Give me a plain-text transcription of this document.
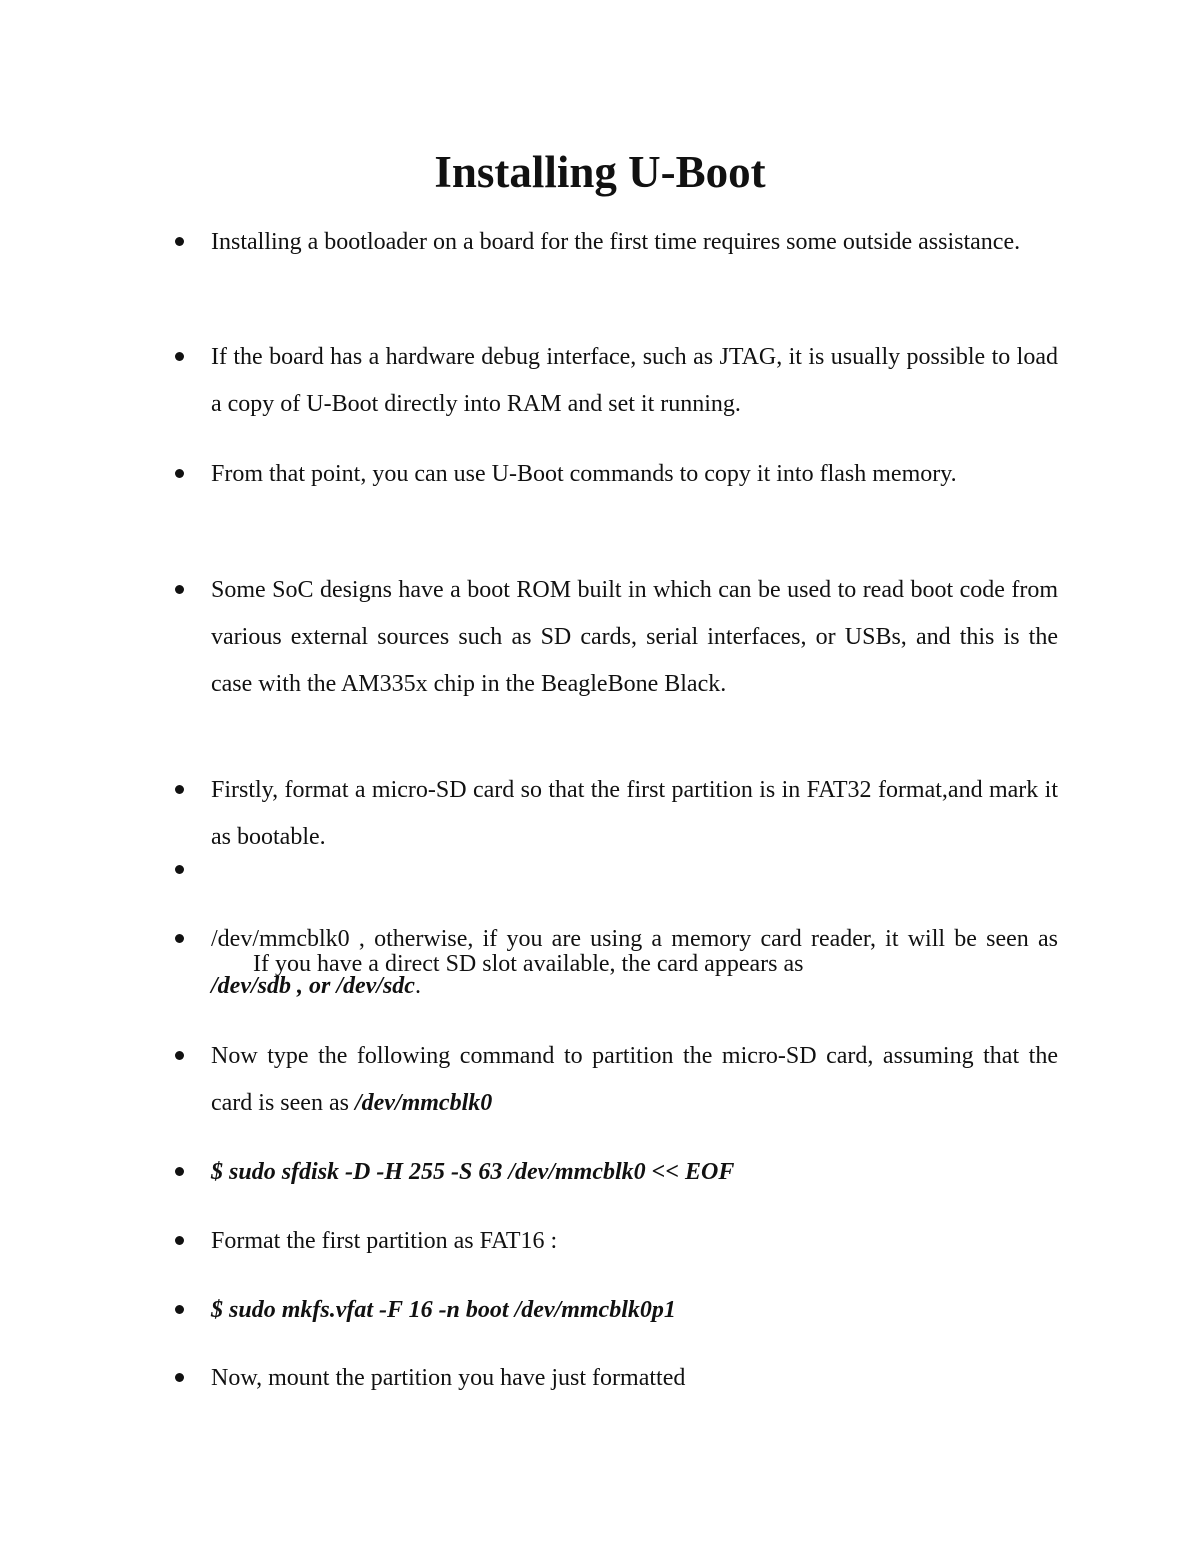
Installing U-Boot
Installing a bootloader on a board for the first time requires some outside assistance.
If the board has a hardware debug interface, such as JTAG, it is usually possible to load a copy of U-Boot directly into RAM and set it running.
From that point, you can use U-Boot commands to copy it into flash memory.
Some SoC designs have a boot ROM built in which can be used to read boot code from various external sources such as SD cards, serial interfaces, or USBs, and this is the case with the AM335x chip in the BeagleBone Black.
Firstly, format a micro-SD card so that the first partition is in FAT32 format,and mark it as bootable.

If you have a direct SD slot available, the card appears as

/dev/mmcblk0 , otherwise, if you are using a memory card reader, it will be seen as /dev/sdb , or /dev/sdc.
Now type the following command to partition the micro-SD card, assuming that the card is seen as /dev/mmcblk0
$ sudo sfdisk -D -H 255 -S 63 /dev/mmcblk0 << EOF
Format the first partition as FAT16 :
$ sudo mkfs.vfat -F 16 -n boot /dev/mmcblk0p1
Now, mount the partition you have just formatted
